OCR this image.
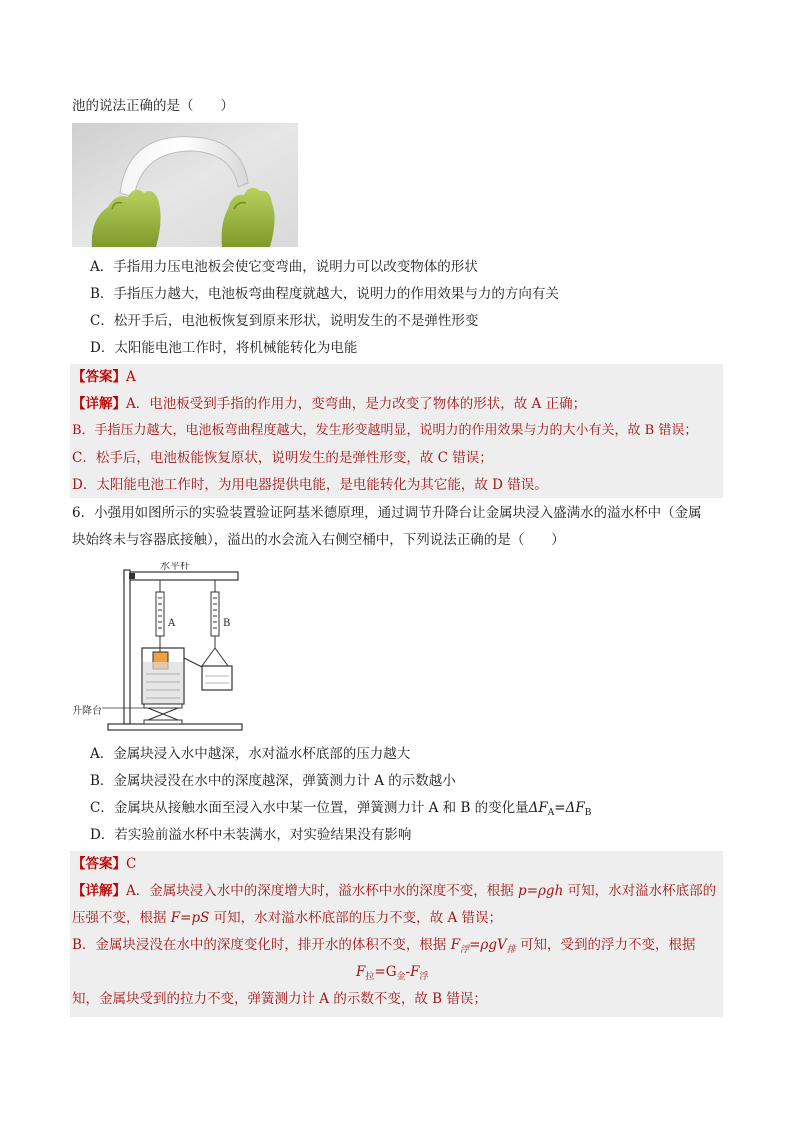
池的说法正确的是（　　）
A．手指用力压电池板会使它变弯曲，说明力可以改变物体的形状
B．手指压力越大，电池板弯曲程度就越大，说明力的作用效果与力的方向有关
C．松开手后，电池板恢复到原来形状，说明发生的不是弹性形变
D．太阳能电池工作时，将机械能转化为电能
【答案】A
【详解】A．电池板受到手指的作用力，变弯曲，是力改变了物体的形状，故 A 正确；
B．手指压力越大，电池板弯曲程度越大，发生形变越明显，说明力的作用效果与力的大小有关，故 B 错误；
C．松手后，电池板能恢复原状，说明发生的是弹性形变，故 C 错误；
D．太阳能电池工作时，为用电器提供电能，是电能转化为其它能，故 D 错误。
6．小强用如图所示的实验装置验证阿基米德原理，通过调节升降台让金属块浸入盛满水的溢水杯中（金属
块始终未与容器底接触），溢出的水会流入右侧空桶中，下列说法正确的是（　　）
水平杆
A	B
升降台
A．金属块浸入水中越深，水对溢水杯底部的压力越大
B．金属块浸没在水中的深度越深，弹簧测力计 A 的示数越小
C．金属块从接触水面至浸入水中某一位置，弹簧测力计 A 和 B 的变化量$\Delta F_A=\Delta F_B$
D．若实验前溢水杯中未装满水，对实验结果没有影响
【答案】C
【详解】A．金属块浸入水中的深度增大时，溢水杯中水的深度不变，根据 p=ρgh 可知，水对溢水杯底部的
压强不变，根据 F=pS 可知，水对溢水杯底部的压力不变，故 A 错误；
B．金属块浸没在水中的深度变化时，排开水的体积不变，根据 $F_浮=\rho gV_排$ 可知，受到的浮力不变，根据
$F_拉=G_金-F_浮$
知，金属块受到的拉力不变，弹簧测力计 A 的示数不变，故 B 错误；
